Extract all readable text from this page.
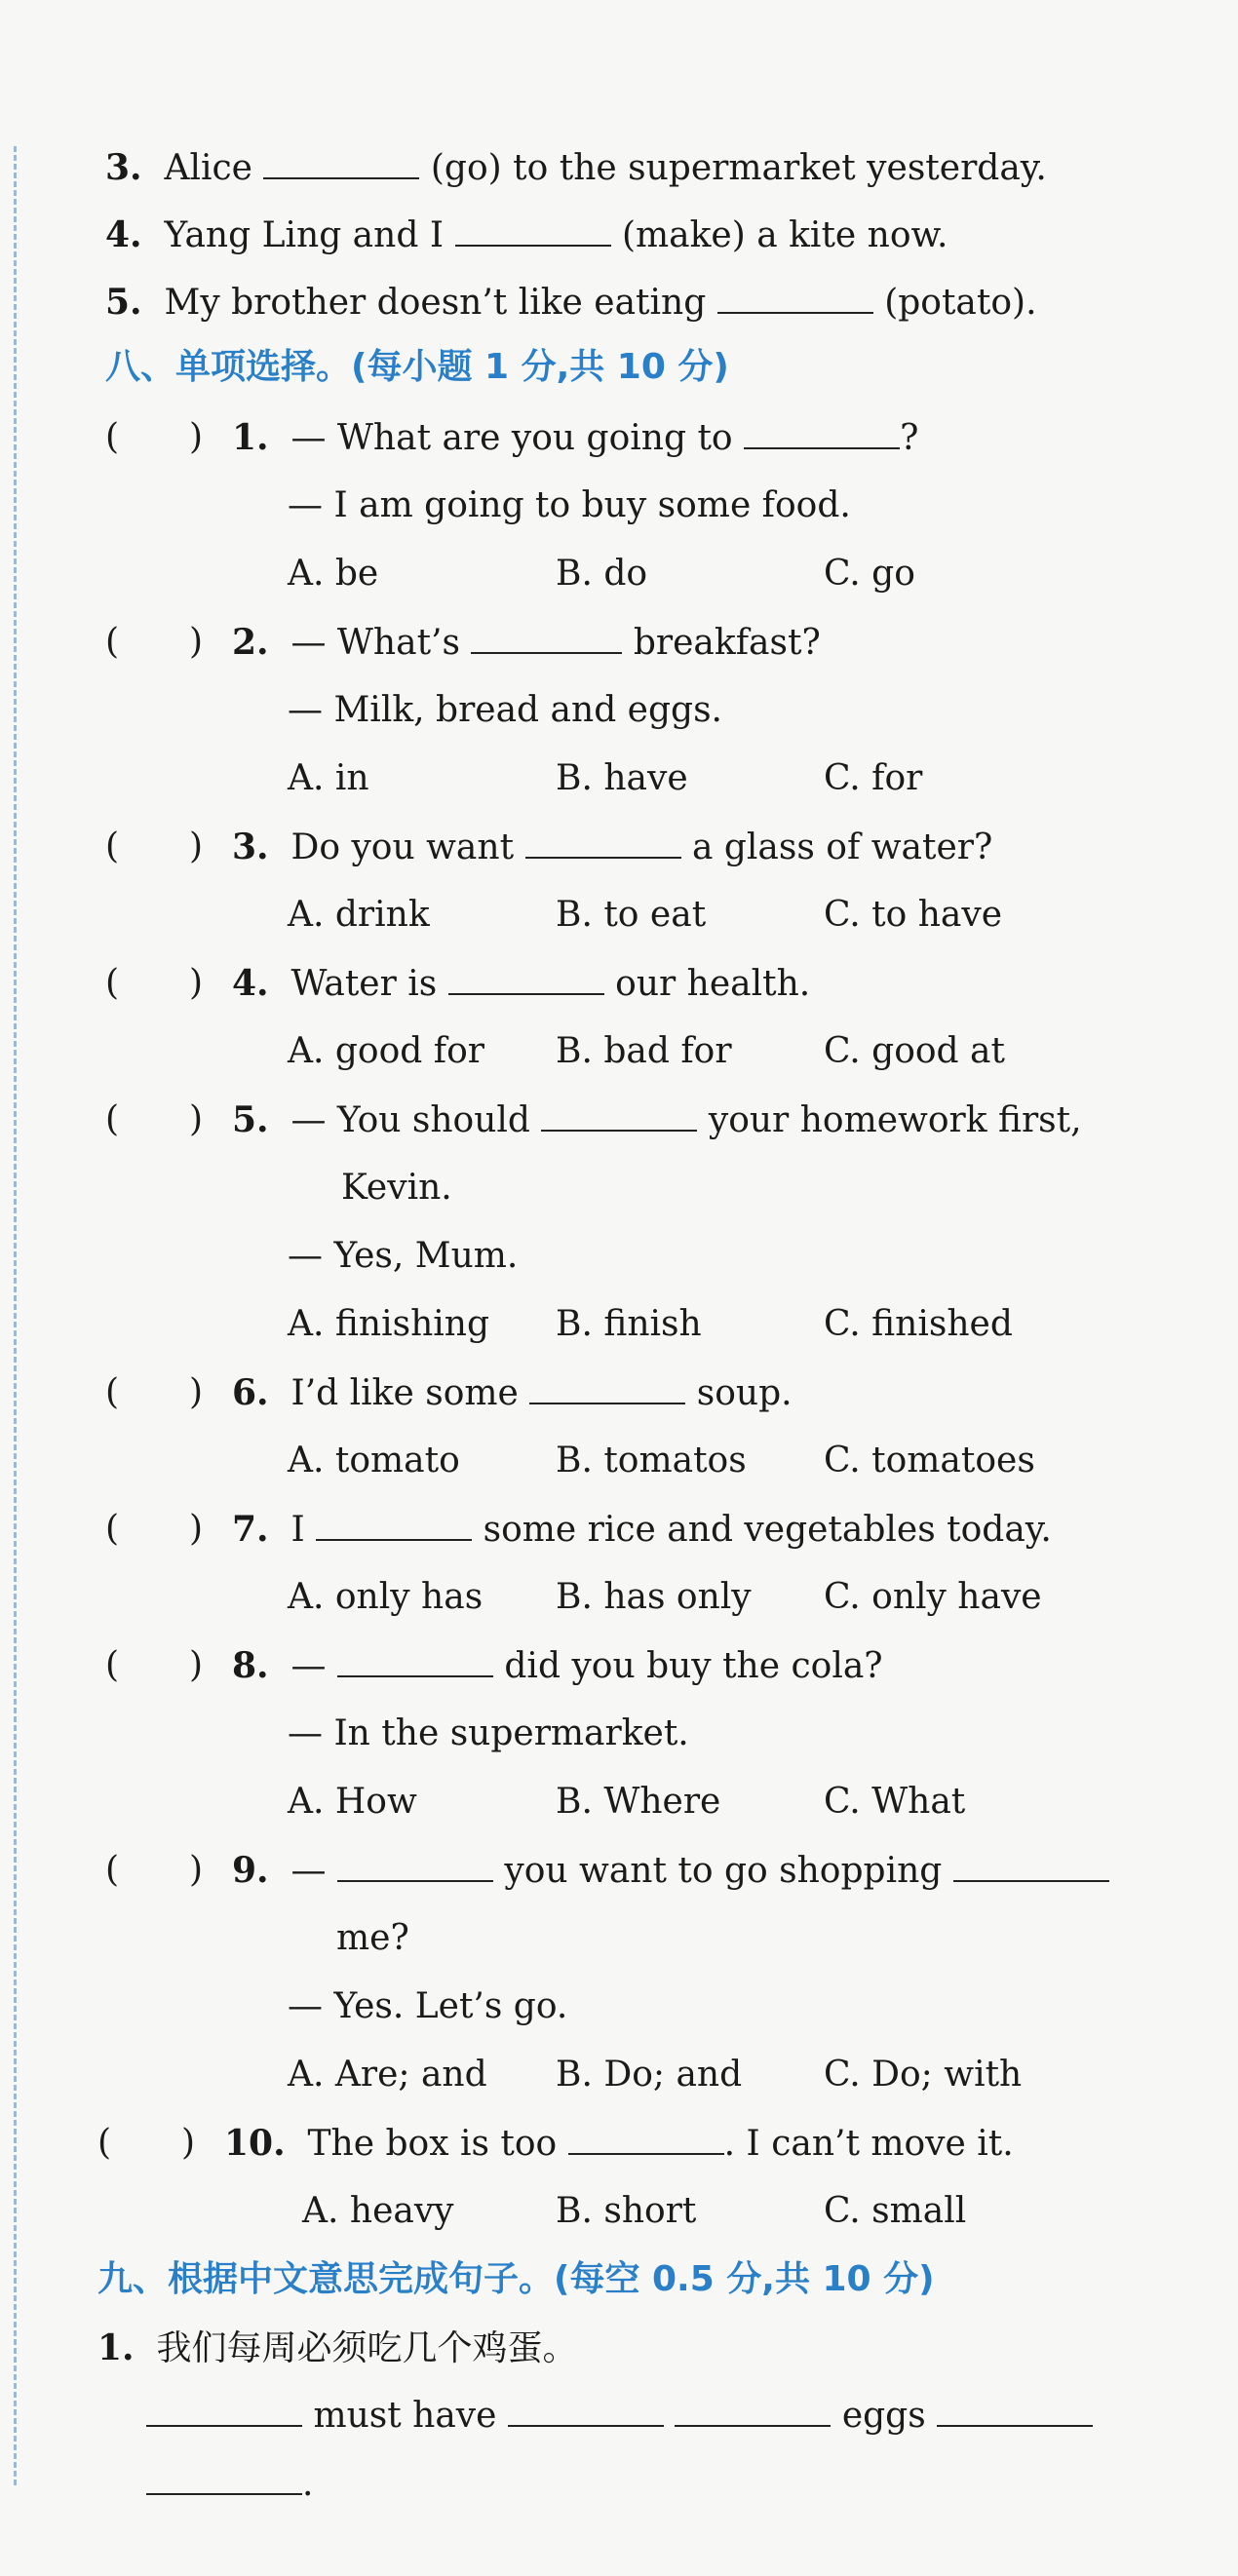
3. Alice	(go) to the supermarket yesterday.
4. Yang Ling and I	(make) a kite now.
5. My brother doesn’t like eating	(potato).
八、单项选择。(每小题 1 分,共 10 分)
(　　) 1. — What are you going to	?
— I am going to buy some food.
A. be	B. do	C. go
(　　) 2. — What’s	breakfast?
— Milk, bread and eggs.
A. in	B. have	C. for
(　　) 3. Do you want	a glass of water?
A. drink	B. to eat	C. to have
(　　) 4. Water is	our health.
A. good for B. bad for	C. good at
(　　) 5. — You should	your homework first,
Kevin.
— Yes, Mum.
A. finishing B. finish	C. finished
(　　) 6. I’d like some	soup.
A. tomato	B. tomatos C. tomatoes
(　　) 7. I	some rice and vegetables today.
A. only has B. has only C. only have
(　　) 8. —	did you buy the cola?
— In the supermarket.
A. How	B. Where	C. What
(　　) 9. —	you want to go shopping
me?
— Yes. Let’s go.
A. Are; and B. Do; and C. Do; with
(　　) 10. The box is too	. I can’t move it.
A. heavy	B. short	C. small
九、根据中文意思完成句子。(每空 0.5 分,共 10 分)
1. 我们每周必须吃几个鸡蛋。
must have	eggs
.
